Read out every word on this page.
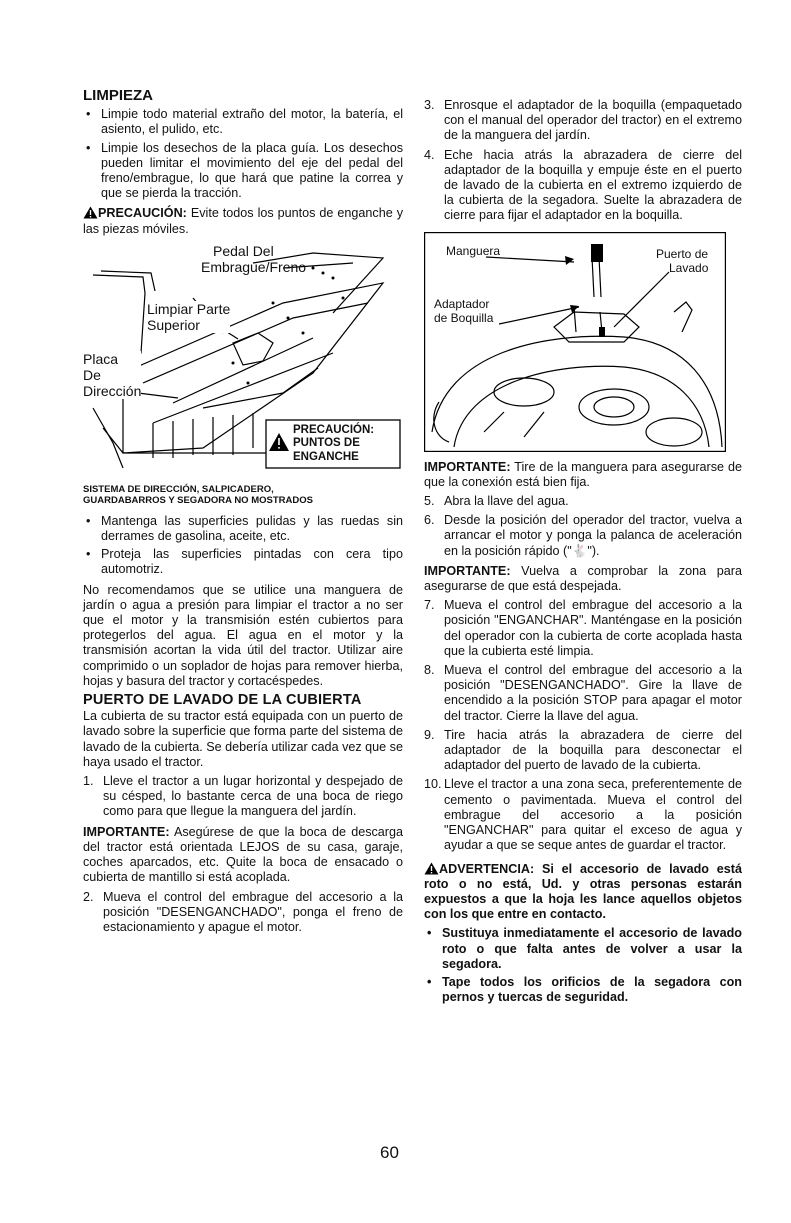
LIMPIEZA
• Limpie todo material extraño del motor, la batería, el asiento, el pulido, etc.
• Limpie los desechos de la placa guía. Los desechos pueden limitar el movimiento del eje del pedal del freno/embrague, lo que hará que patine la correa y que se pierda la tracción.

PRECAUCIÓN: Evite todos los puntos de enganche y las piezas móviles.

Pedal Del
Embrague/Freno
Limpiar Parte
Superior
Placa
De
Dirección
PRECAUCIÓN:
PUNTOS DE
ENGANCHE
SISTEMA DE DIRECCIÓN, SALPICADERO,
GUARDABARROS Y SEGADORA NO MOSTRADOS
• Mantenga las superficies pulidas y las ruedas sin derrames de gasolina, aceite, etc.
• Proteja las superficies pintadas con cera tipo automotriz.

No recomendamos que se utilice una manguera de jardín o agua a presión para limpiar el tractor a no ser que el motor y la transmisión estén cubiertos para protegerlos del agua. El agua en el motor y la transmisión acortan la vida útil del tractor. Utilizar aire comprimido o un soplador de hojas para remover hierba, hojas y basura del tractor y cortacéspedes.

PUERTO DE LAVADO DE LA CUBIERTA

La cubierta de su tractor está equipada con un puerto de lavado sobre la superficie que forma parte del sistema de lavado de la cubierta. Se debería utilizar cada vez que se haya usado el tractor.

1. Lleve el tractor a un lugar horizontal y despejado de su césped, lo bastante cerca de una boca de riego como para que llegue la manguera del jardín.

IMPORTANTE: Asegúrese de que la boca de descarga del tractor está orientada LEJOS de su casa, garaje, coches aparcados, etc. Quite la boca de ensacado o cubierta de mantillo si está acoplada.

2. Mueva el control del embrague del accesorio a la posición "DESENGANCHADO", ponga el freno de estacionamiento y apague el motor.
3. Enrosque el adaptador de la boquilla (empaquetado con el manual del operador del tractor) en el extremo de la manguera del jardín.
4. Eche hacia atrás la abrazadera de cierre del adaptador de la boquilla y empuje éste en el puerto de lavado de la cubierta en el extremo izquierdo de la cubierta de la segadora. Suelte la abrazadera de cierre para fijar el adaptador en la boquilla.
Manguera	Puerto de
Lavado
Adaptador
de Boquilla

IMPORTANTE: Tire de la manguera para asegurarse de que la conexión está bien fija.

5. Abra la llave del agua.
6. Desde la posición del operador del tractor, vuelva a arrancar el motor y ponga la palanca de aceleración en la posición rápido ("🐇").

IMPORTANTE: Vuelva a comprobar la zona para asegurarse de que está despejada.

7. Mueva el control del embrague del accesorio a la posición "ENGANCHAR". Manténgase en la posición del operador con la cubierta de corte acoplada hasta que la cubierta esté limpia.
8. Mueva el control del embrague del accesorio a la posición "DESENGANCHADO". Gire la llave de encendido a la posición STOP para apagar el motor del tractor. Cierre la llave del agua.
9. Tire hacia atrás la abrazadera de cierre del adaptador de la boquilla para desconectar el adaptador del puerto de lavado de la cubierta.
10. Lleve el tractor a una zona seca, preferentemente de cemento o pavimentada. Mueva el control del embrague del accesorio a la posición "ENGANCHAR" para quitar el exceso de agua y ayudar a que se seque antes de guardar el tractor.

ADVERTENCIA: Si el accesorio de lavado está roto o no está, Ud. y otras personas estarán expuestos a que la hoja les lance aquellos objetos con los que entre en contacto.

• Sustituya inmediatamente el accesorio de lavado roto o que falta antes de volver a usar la segadora.
• Tape todos los orificios de la segadora con pernos y tuercas de seguridad.
60
